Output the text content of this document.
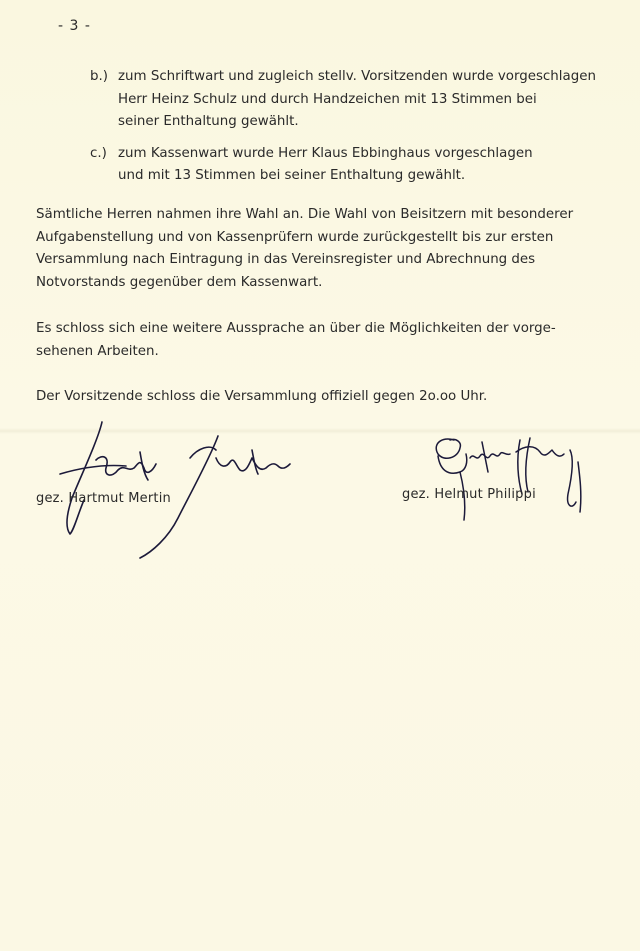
- 3 -
b.) zum Schriftwart und zugleich stellv. Vorsitzenden wurde vorgeschlagen
Herr Heinz Schulz und durch Handzeichen mit 13 Stimmen bei
seiner Enthaltung gewählt.
c.) zum Kassenwart wurde Herr Klaus Ebbinghaus vorgeschlagen
und mit 13 Stimmen bei seiner Enthaltung gewählt.
Sämtliche Herren nahmen ihre Wahl an. Die Wahl von Beisitzern mit besonderer
Aufgabenstellung und von Kassenprüfern wurde zurückgestellt bis zur ersten
Versammlung nach Eintragung in das Vereinsregister und Abrechnung des
Notvorstands gegenüber dem Kassenwart.
Es schloss sich eine weitere Aussprache an über die Möglichkeiten der vorge-
sehenen Arbeiten.
Der Vorsitzende schloss die Versammlung offiziell gegen 2o.oo Uhr.
gez. Hartmut Mertin	gez. Helmut Philippi
